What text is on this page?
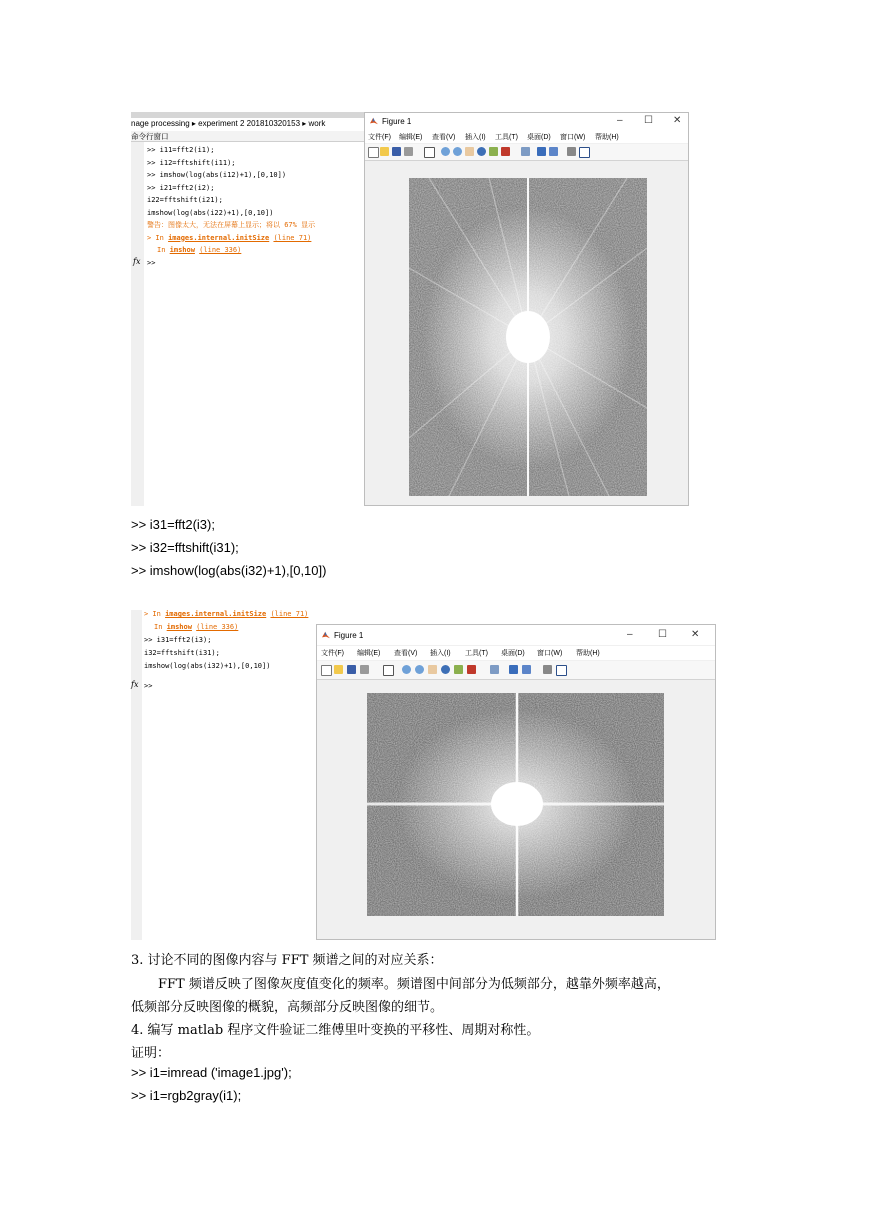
nage processing ▸ experiment 2 201810320153 ▸ work
命令行窗口
>> i11=fft2(i1);
>> i12=fftshift(i11);
>> imshow(log(abs(i12)+1),[0,10])
>> i21=fft2(i2);
i22=fftshift(i21);
imshow(log(abs(i22)+1),[0,10])
警告：图像太大，无法在屏幕上显示；将以 67% 显示
> In images.internal.initSize (line 71)
In imshow (line 336)
fx >>
Figure 1	– ☐ ✕
文件(F) 编辑(E) 查看(V) 插入(I) 工具(T) 桌面(D) 窗口(W) 帮助(H)
>> i31=fft2(i3);
>> i32=fftshift(i31);
>> imshow(log(abs(i32)+1),[0,10])
> In images.internal.initSize (line 71)
In imshow (line 336)
>> i31=fft2(i3);
i32=fftshift(i31);
imshow(log(abs(i32)+1),[0,10])
fx >>
Figure 1	–	☐ ✕
文件(F) 编辑(E) 查看(V) 插入(I) 工具(T) 桌面(D) 窗口(W) 帮助(H)
3. 讨论不同的图像内容与 FFT 频谱之间的对应关系：
FFT 频谱反映了图像灰度值变化的频率。频谱图中间部分为低频部分，越靠外频率越高，
低频部分反映图像的概貌，高频部分反映图像的细节。
4. 编写 matlab 程序文件验证二维傅里叶变换的平移性、周期对称性。
证明：
>> i1=imread ('image1.jpg');
>> i1=rgb2gray(i1);
